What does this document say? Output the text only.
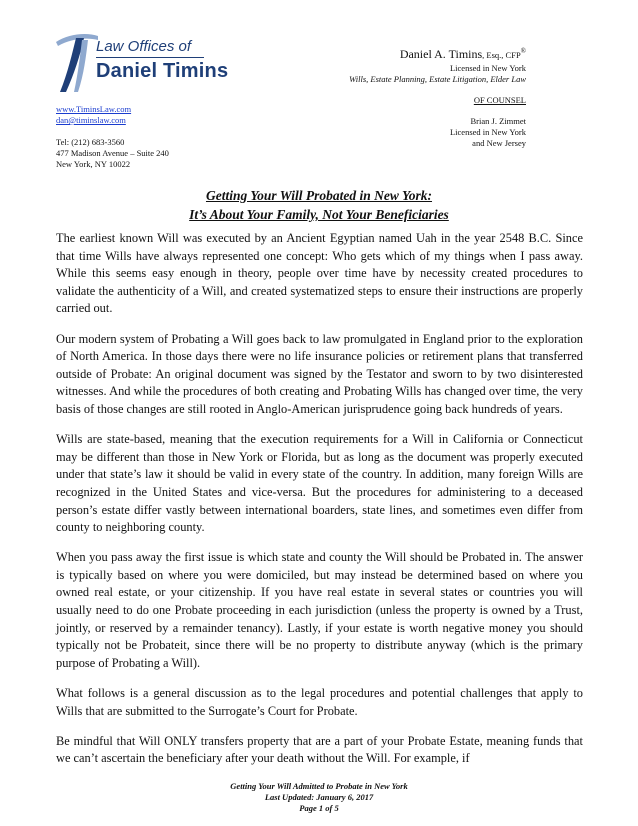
Law Offices of
Daniel Timins
Daniel A. Timins, Esq., CFP®
Licensed in New York
Wills, Estate Planning, Estate Litigation, Elder Law
OF COUNSEL
Brian J. Zimmet
Licensed in New York
and New Jersey
www.TiminsLaw.com
dan@timinslaw.com
Tel: (212) 683-3560
477 Madison Avenue – Suite 240
New York, NY 10022
Getting Your Will Probated in New York:
It’s About Your Family, Not Your Beneficiaries

The earliest known Will was executed by an Ancient Egyptian named Uah in the year 2548 B.C. Since that time Wills have always represented one concept: Who gets which of my things when I pass away. While this seems easy enough in theory, people over time have by necessity created procedures to validate the authenticity of a Will, and created systematized steps to ensure their instructions are properly carried out.

Our modern system of Probating a Will goes back to law promulgated in England prior to the exploration of North America. In those days there were no life insurance policies or retirement plans that transferred outside of Probate: An original document was signed by the Testator and sworn to by two disinterested witnesses. And while the procedures of both creating and Probating Wills has changed over time, the very basis of those changes are still rooted in Anglo-American jurisprudence going back hundreds of years.

Wills are state-based, meaning that the execution requirements for a Will in California or Connecticut may be different than those in New York or Florida, but as long as the document was properly executed under that state’s law it should be valid in every state of the country. In addition, many foreign Wills are recognized in the United States and vice-versa. But the procedures for administering to a deceased person’s estate differ vastly between international boarders, state lines, and sometimes even differ from county to neighboring county.

When you pass away the first issue is which state and county the Will should be Probated in. The answer is typically based on where you were domiciled, but may instead be determined based on where you owned real estate, or your citizenship. If you have real estate in several states or countries you will usually need to do one Probate proceeding in each jurisdiction (unless the property is owned by a Trust, jointly, or reserved by a remainder tenancy). Lastly, if your estate is worth negative money you should typically not be Probateit, since there will be no property to distribute anyway (which is the primary purpose of Probating a Will).

What follows is a general discussion as to the legal procedures and potential challenges that apply to Wills that are submitted to the Surrogate’s Court for Probate.

Be mindful that Will ONLY transfers property that are a part of your Probate Estate, meaning funds that we can’t ascertain the beneficiary after your death without the Will. For example, if

Getting Your Will Admitted to Probate in New York
Last Updated: January 6, 2017
Page 1 of 5
